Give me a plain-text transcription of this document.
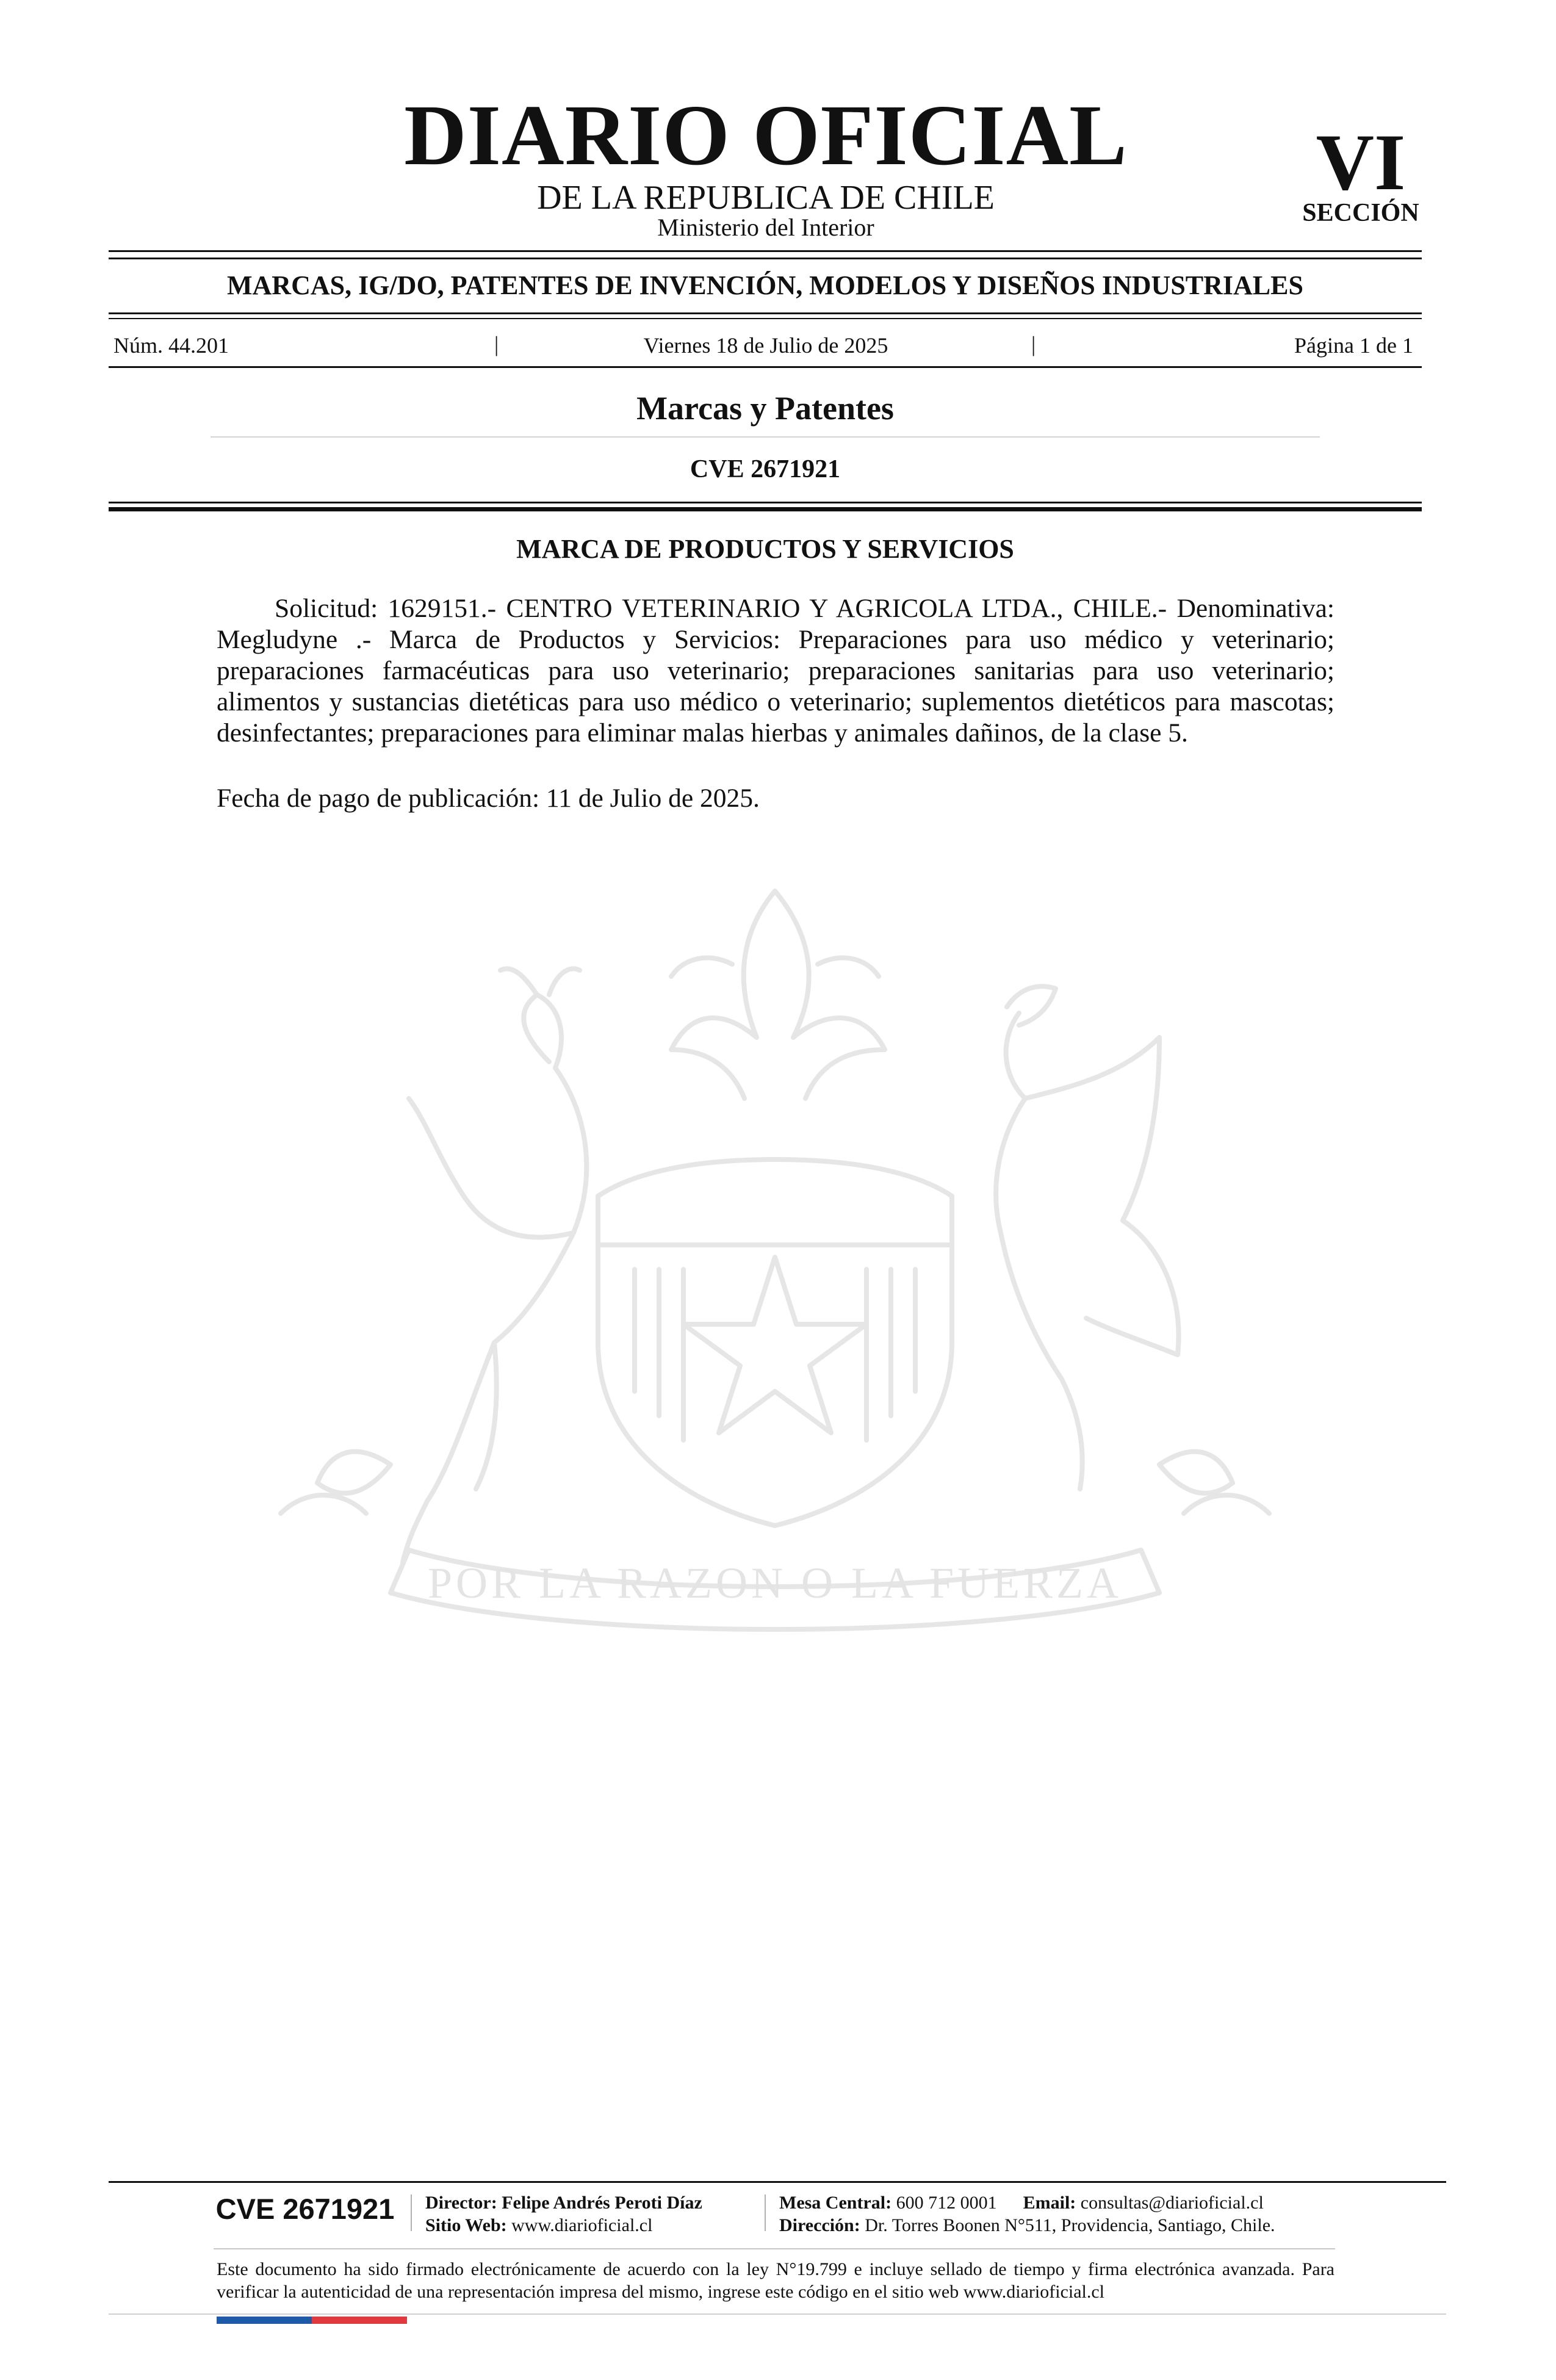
DIARIO OFICIAL
DE LA REPUBLICA DE CHILE
Ministerio del Interior
VI
SECCIÓN
MARCAS, IG/DO, PATENTES DE INVENCIÓN, MODELOS Y DISEÑOS INDUSTRIALES
Núm. 44.201	|	Viernes 18 de Julio de 2025	|	Página 1 de 1
Marcas y Patentes
CVE 2671921
POR LA RAZON O LA FUERZA
MARCA DE PRODUCTOS Y SERVICIOS
Solicitud: 1629151.- CENTRO VETERINARIO Y AGRICOLA LTDA., CHILE.- Denominativa: Megludyne .- Marca de Productos y Servicios: Preparaciones para uso médico y veterinario; preparaciones farmacéuticas para uso veterinario; preparaciones sanitarias para uso veterinario; alimentos y sustancias dietéticas para uso médico o veterinario; suplementos dietéticos para mascotas; desinfectantes; preparaciones para eliminar malas hierbas y animales dañinos, de la clase 5.
Fecha de pago de publicación: 11 de Julio de 2025.
CVE 2671921	Director: Felipe Andrés Peroti Díaz
Sitio Web: www.diarioficial.cl
Mesa Central: 600 712 0001 Email: consultas@diarioficial.cl
Dirección: Dr. Torres Boonen N°511, Providencia, Santiago, Chile.
Este documento ha sido firmado electrónicamente de acuerdo con la ley N°19.799 e incluye sellado de tiempo y firma electrónica avanzada. Para verificar la autenticidad de una representación impresa del mismo, ingrese este código en el sitio web www.diarioficial.cl
